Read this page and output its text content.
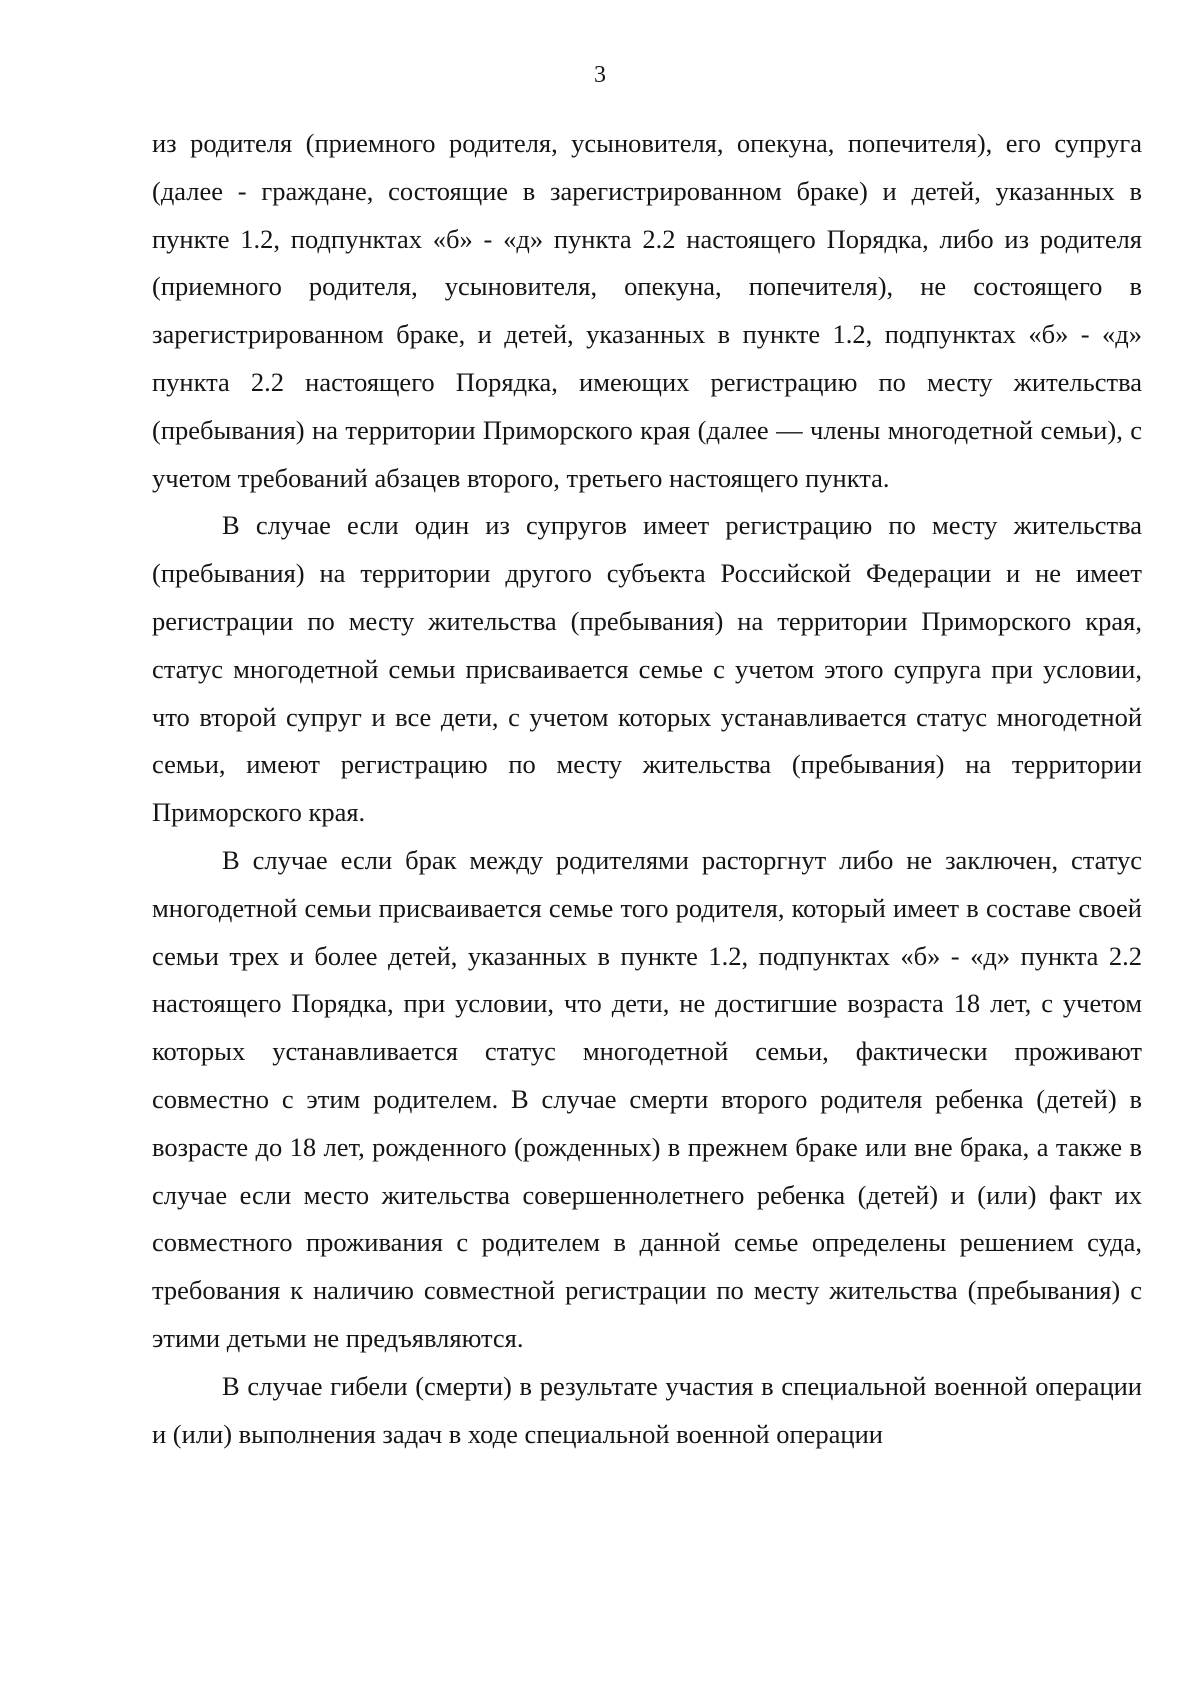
3

из родителя (приемного родителя, усыновителя, опекуна, попечителя), его супруга (далее - граждане, состоящие в зарегистрированном браке) и детей, указанных в пункте 1.2, подпунктах «б» - «д» пункта 2.2 настоящего Порядка, либо из родителя (приемного родителя, усыновителя, опекуна, попечителя), не состоящего в зарегистрированном браке, и детей, указанных в пункте 1.2, подпунктах «б» - «д» пункта 2.2 настоящего Порядка, имеющих регистрацию по месту жительства (пребывания) на территории Приморского края (далее — члены многодетной семьи), с учетом требований абзацев второго, третьего настоящего пункта.

В случае если один из супругов имеет регистрацию по месту жительства (пребывания) на территории другого субъекта Российской Федерации и не имеет регистрации по месту жительства (пребывания) на территории Приморского края, статус многодетной семьи присваивается семье с учетом этого супруга при условии, что второй супруг и все дети, с учетом которых устанавливается статус многодетной семьи, имеют регистрацию по месту жительства (пребывания) на территории Приморского края.

В случае если брак между родителями расторгнут либо не заключен, статус многодетной семьи присваивается семье того родителя, который имеет в составе своей семьи трех и более детей, указанных в пункте 1.2, подпунктах «б» - «д» пункта 2.2 настоящего Порядка, при условии, что дети, не достигшие возраста 18 лет, с учетом которых устанавливается статус многодетной семьи, фактически проживают совместно с этим родителем. В случае смерти второго родителя ребенка (детей) в возрасте до 18 лет, рожденного (рожденных) в прежнем браке или вне брака, а также в случае если место жительства совершеннолетнего ребенка (детей) и (или) факт их совместного проживания с родителем в данной семье определены решением суда, требования к наличию совместной регистрации по месту жительства (пребывания) с этими детьми не предъявляются.

В случае гибели (смерти) в результате участия в специальной военной операции и (или) выполнения задач в ходе специальной военной операции
